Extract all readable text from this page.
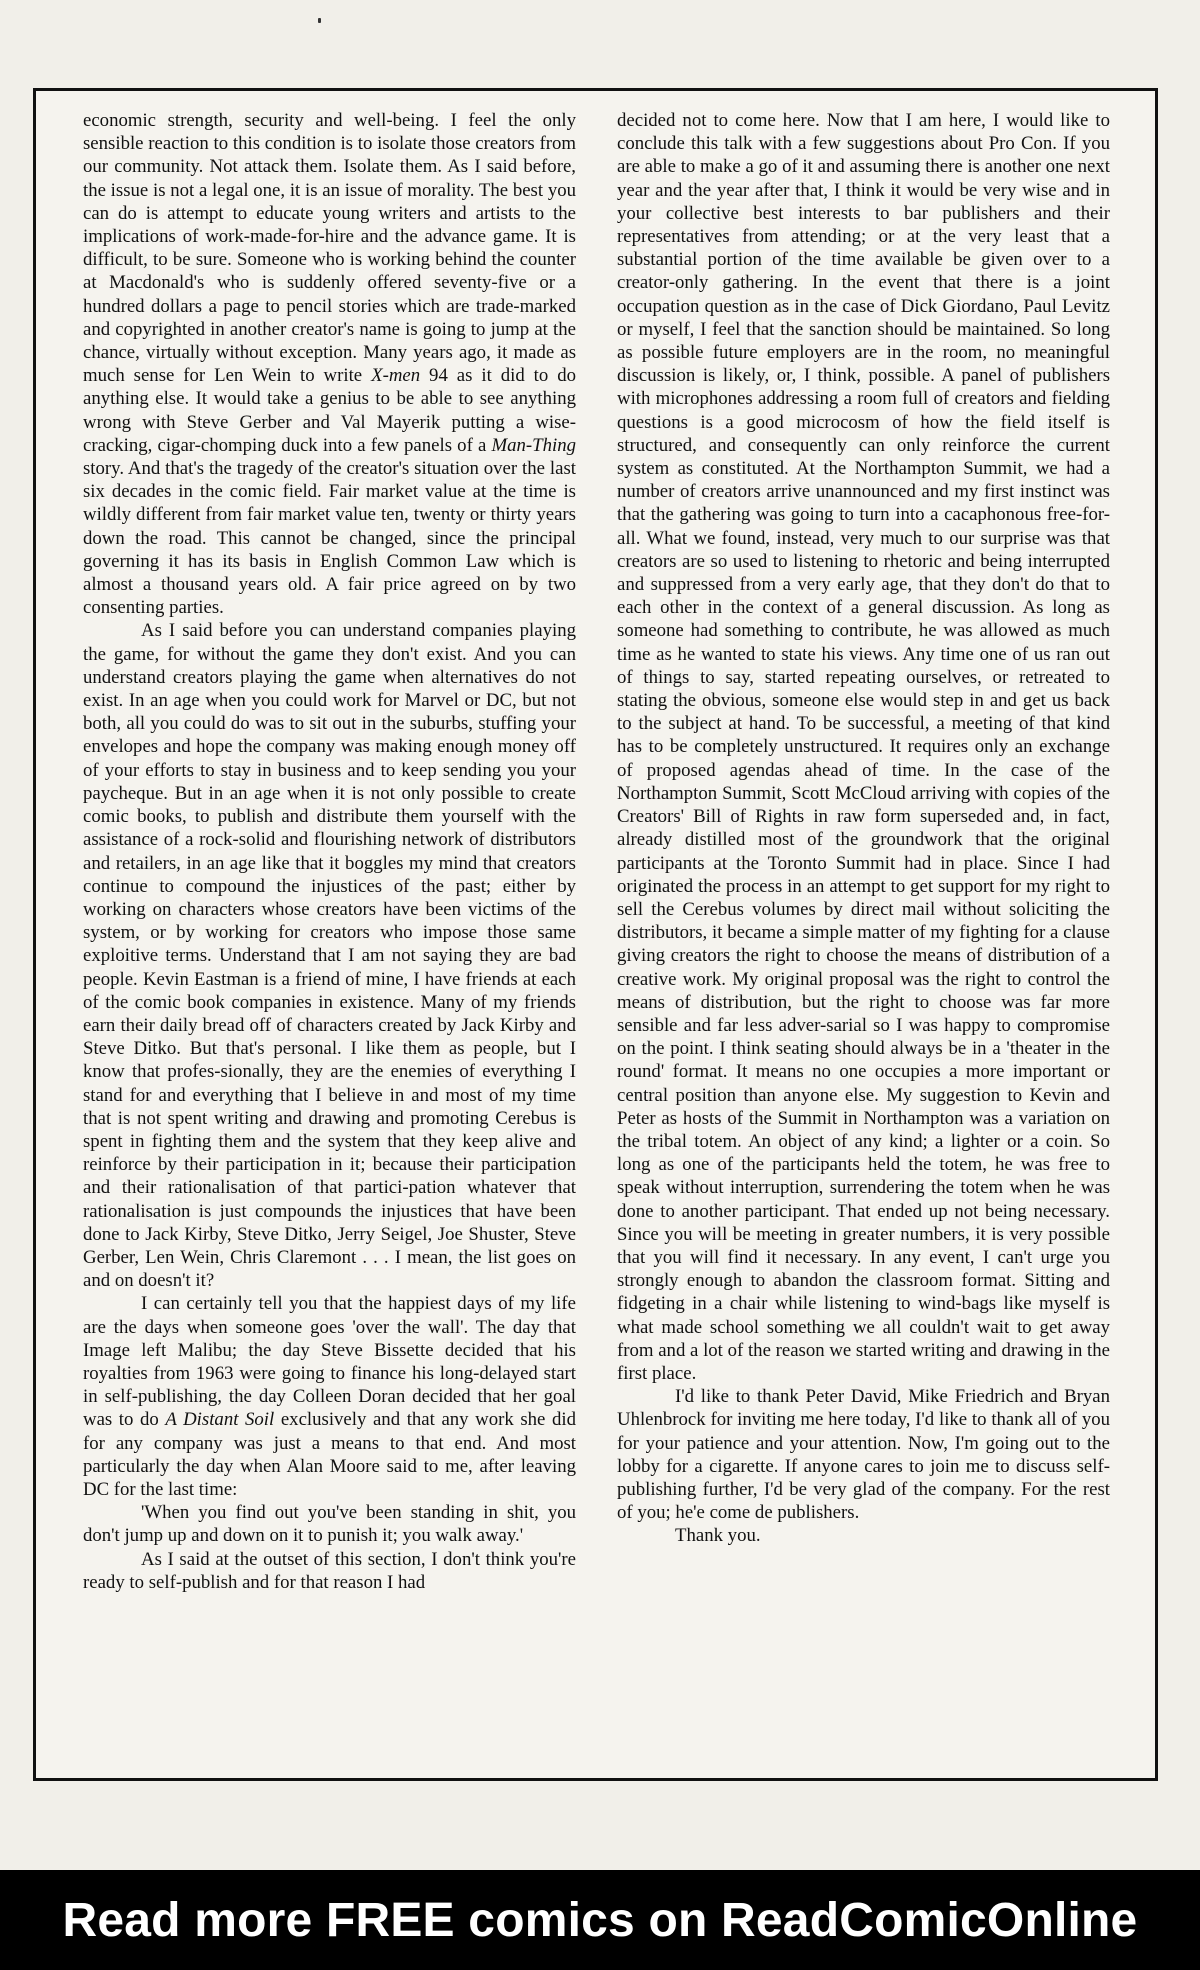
economic strength, security and well-being. I feel the only sensible reaction to this condition is to isolate those creators from our community. Not attack them. Isolate them. As I said before, the issue is not a legal one, it is an issue of morality. The best you can do is attempt to educate young writers and artists to the implications of work-made-for-hire and the advance game. It is difficult, to be sure. Someone who is working behind the counter at Macdonald's who is suddenly offered seventy-five or a hundred dollars a page to pencil stories which are trade-marked and copyrighted in another creator's name is going to jump at the chance, virtually without exception. Many years ago, it made as much sense for Len Wein to write X-men 94 as it did to do anything else. It would take a genius to be able to see anything wrong with Steve Gerber and Val Mayerik putting a wise-cracking, cigar-chomping duck into a few panels of a Man-Thing story. And that's the tragedy of the creator's situation over the last six decades in the comic field. Fair market value at the time is wildly different from fair market value ten, twenty or thirty years down the road. This cannot be changed, since the principal governing it has its basis in English Common Law which is almost a thousand years old. A fair price agreed on by two consenting parties.

As I said before you can understand companies playing the game, for without the game they don't exist. And you can understand creators playing the game when alternatives do not exist. In an age when you could work for Marvel or DC, but not both, all you could do was to sit out in the suburbs, stuffing your envelopes and hope the company was making enough money off of your efforts to stay in business and to keep sending you your paycheque. But in an age when it is not only possible to create comic books, to publish and distribute them yourself with the assistance of a rock-solid and flourishing network of distributors and retailers, in an age like that it boggles my mind that creators continue to compound the injustices of the past; either by working on characters whose creators have been victims of the system, or by working for creators who impose those same exploitive terms. Understand that I am not saying they are bad people. Kevin Eastman is a friend of mine, I have friends at each of the comic book companies in existence. Many of my friends earn their daily bread off of characters created by Jack Kirby and Steve Ditko. But that's personal. I like them as people, but I know that profes-sionally, they are the enemies of everything I stand for and everything that I believe in and most of my time that is not spent writing and drawing and promoting Cerebus is spent in fighting them and the system that they keep alive and reinforce by their participation in it; because their participation and their rationalisation of that partici-pation whatever that rationalisation is just compounds the injustices that have been done to Jack Kirby, Steve Ditko, Jerry Seigel, Joe Shuster, Steve Gerber, Len Wein, Chris Claremont . . . I mean, the list goes on and on doesn't it?

I can certainly tell you that the happiest days of my life are the days when someone goes 'over the wall'. The day that Image left Malibu; the day Steve Bissette decided that his royalties from 1963 were going to finance his long-delayed start in self-publishing, the day Colleen Doran decided that her goal was to do A Distant Soil exclusively and that any work she did for any company was just a means to that end. And most particularly the day when Alan Moore said to me, after leaving DC for the last time:

'When you find out you've been standing in shit, you don't jump up and down on it to punish it; you walk away.'

As I said at the outset of this section, I don't think you're ready to self-publish and for that reason I had

decided not to come here. Now that I am here, I would like to conclude this talk with a few suggestions about Pro Con. If you are able to make a go of it and assuming there is another one next year and the year after that, I think it would be very wise and in your collective best interests to bar publishers and their representatives from attending; or at the very least that a substantial portion of the time available be given over to a creator-only gathering. In the event that there is a joint occupation question as in the case of Dick Giordano, Paul Levitz or myself, I feel that the sanction should be maintained. So long as possible future employers are in the room, no meaningful discussion is likely, or, I think, possible. A panel of publishers with microphones addressing a room full of creators and fielding questions is a good microcosm of how the field itself is structured, and consequently can only reinforce the current system as constituted. At the Northampton Summit, we had a number of creators arrive unannounced and my first instinct was that the gathering was going to turn into a cacaphonous free-for-all. What we found, instead, very much to our surprise was that creators are so used to listening to rhetoric and being interrupted and suppressed from a very early age, that they don't do that to each other in the context of a general discussion. As long as someone had something to contribute, he was allowed as much time as he wanted to state his views. Any time one of us ran out of things to say, started repeating ourselves, or retreated to stating the obvious, someone else would step in and get us back to the subject at hand. To be successful, a meeting of that kind has to be completely unstructured. It requires only an exchange of proposed agendas ahead of time. In the case of the Northampton Summit, Scott McCloud arriving with copies of the Creators' Bill of Rights in raw form superseded and, in fact, already distilled most of the groundwork that the original participants at the Toronto Summit had in place. Since I had originated the process in an attempt to get support for my right to sell the Cerebus volumes by direct mail without soliciting the distributors, it became a simple matter of my fighting for a clause giving creators the right to choose the means of distribution of a creative work. My original proposal was the right to control the means of distribution, but the right to choose was far more sensible and far less adver-sarial so I was happy to compromise on the point. I think seating should always be in a 'theater in the round' format. It means no one occupies a more important or central position than anyone else. My suggestion to Kevin and Peter as hosts of the Summit in Northampton was a variation on the tribal totem. An object of any kind; a lighter or a coin. So long as one of the participants held the totem, he was free to speak without interruption, surrendering the totem when he was done to another participant. That ended up not being necessary. Since you will be meeting in greater numbers, it is very possible that you will find it necessary. In any event, I can't urge you strongly enough to abandon the classroom format. Sitting and fidgeting in a chair while listening to wind-bags like myself is what made school something we all couldn't wait to get away from and a lot of the reason we started writing and drawing in the first place.

I'd like to thank Peter David, Mike Friedrich and Bryan Uhlenbrock for inviting me here today, I'd like to thank all of you for your patience and your attention. Now, I'm going out to the lobby for a cigarette. If anyone cares to join me to discuss self-publishing further, I'd be very glad of the company. For the rest of you; he'e come de publishers.

Thank you.

Read more FREE comics on ReadComicOnline
